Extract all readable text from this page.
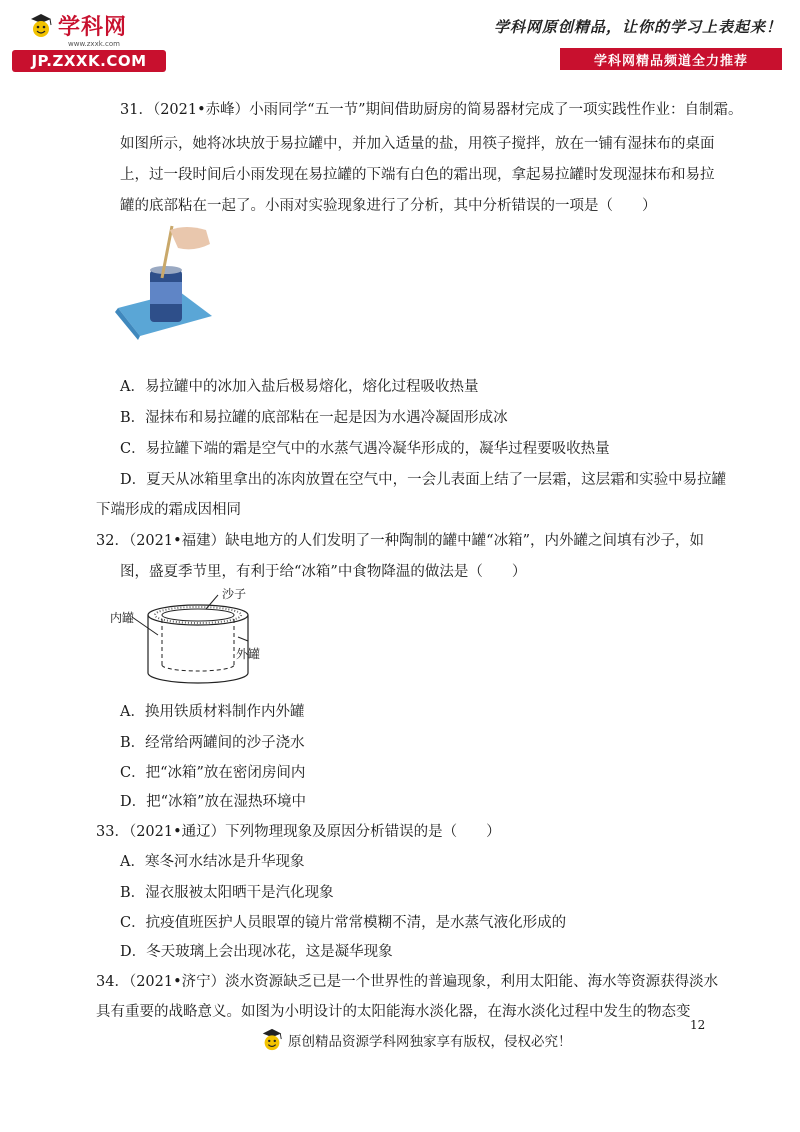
学科网
www.zxxk.com
JP.ZXXK.COM
学科网原创精品，让你的学习上表起来！
学科网精品频道全力推荐
31．（2021•赤峰）小雨同学“五一节”期间借助厨房的简易器材完成了一项实践性作业：自制霜。
如图所示，她将冰块放于易拉罐中，并加入适量的盐，用筷子搅拌，放在一铺有湿抹布的桌面
上，过一段时间后小雨发现在易拉罐的下端有白色的霜出现，拿起易拉罐时发现湿抹布和易拉
罐的底部粘在一起了。小雨对实验现象进行了分析，其中分析错误的一项是（　　）
A．易拉罐中的冰加入盐后极易熔化，熔化过程吸收热量
B．湿抹布和易拉罐的底部粘在一起是因为水遇冷凝固形成冰
C．易拉罐下端的霜是空气中的水蒸气遇冷凝华形成的，凝华过程要吸收热量
D．夏天从冰箱里拿出的冻肉放置在空气中，一会儿表面上结了一层霜，这层霜和实验中易拉罐
下端形成的霜成因相同
32．（2021•福建）缺电地方的人们发明了一种陶制的罐中罐“冰箱”，内外罐之间填有沙子，如
图，盛夏季节里，有利于给“冰箱”中食物降温的做法是（　　）
沙子
内罐
外罐
A．换用铁质材料制作内外罐
B．经常给两罐间的沙子浇水
C．把“冰箱”放在密闭房间内
D．把“冰箱”放在湿热环境中
33．（2021•通辽）下列物理现象及原因分析错误的是（　　）
A．寒冬河水结冰是升华现象
B．湿衣服被太阳晒干是汽化现象
C．抗疫值班医护人员眼罩的镜片常常模糊不清，是水蒸气液化形成的
D．冬天玻璃上会出现冰花，这是凝华现象
34．（2021•济宁）淡水资源缺乏已是一个世界性的普遍现象，利用太阳能、海水等资源获得淡水
具有重要的战略意义。如图为小明设计的太阳能海水淡化器，在海水淡化过程中发生的物态变
12
原创精品资源学科网独家享有版权，侵权必究！
